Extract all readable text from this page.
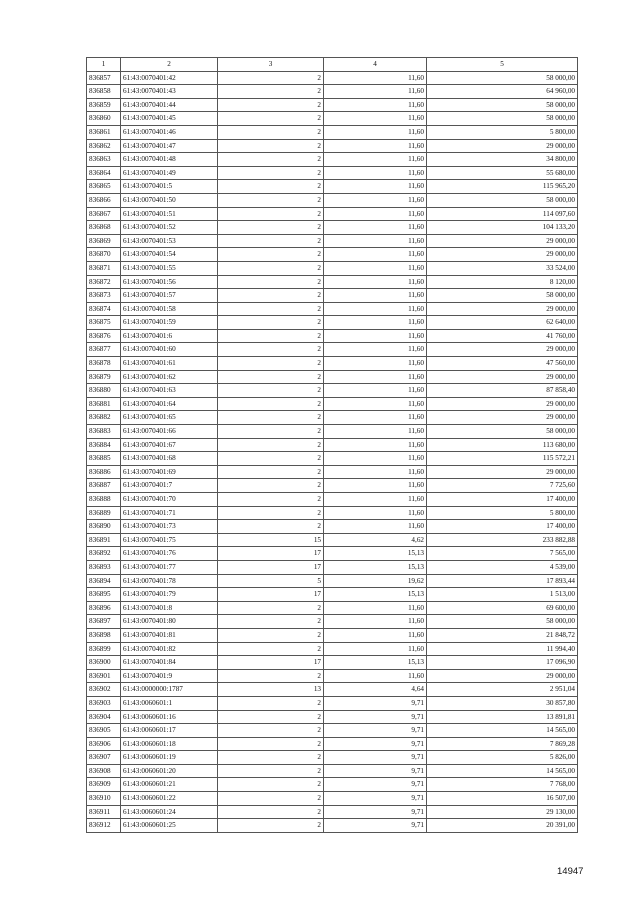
1	2	3	4	5
836857	61:43:0070401:42	2	11,60	58 000,00
836858	61:43:0070401:43	2	11,60	64 960,00
836859	61:43:0070401:44	2	11,60	58 000,00
836860	61:43:0070401:45	2	11,60	58 000,00
836861	61:43:0070401:46	2	11,60	5 800,00
836862	61:43:0070401:47	2	11,60	29 000,00
836863	61:43:0070401:48	2	11,60	34 800,00
836864	61:43:0070401:49	2	11,60	55 680,00
836865	61:43:0070401:5	2	11,60	115 965,20
836866	61:43:0070401:50	2	11,60	58 000,00
836867	61:43:0070401:51	2	11,60	114 097,60
836868	61:43:0070401:52	2	11,60	104 133,20
836869	61:43:0070401:53	2	11,60	29 000,00
836870	61:43:0070401:54	2	11,60	29 000,00
836871	61:43:0070401:55	2	11,60	33 524,00
836872	61:43:0070401:56	2	11,60	8 120,00
836873	61:43:0070401:57	2	11,60	58 000,00
836874	61:43:0070401:58	2	11,60	29 000,00
836875	61:43:0070401:59	2	11,60	62 640,00
836876	61:43:0070401:6	2	11,60	41 760,00
836877	61:43:0070401:60	2	11,60	29 000,00
836878	61:43:0070401:61	2	11,60	47 560,00
836879	61:43:0070401:62	2	11,60	29 000,00
836880	61:43:0070401:63	2	11,60	87 858,40
836881	61:43:0070401:64	2	11,60	29 000,00
836882	61:43:0070401:65	2	11,60	29 000,00
836883	61:43:0070401:66	2	11,60	58 000,00
836884	61:43:0070401:67	2	11,60	113 680,00
836885	61:43:0070401:68	2	11,60	115 572,21
836886	61:43:0070401:69	2	11,60	29 000,00
836887	61:43:0070401:7	2	11,60	7 725,60
836888	61:43:0070401:70	2	11,60	17 400,00
836889	61:43:0070401:71	2	11,60	5 800,00
836890	61:43:0070401:73	2	11,60	17 400,00
836891	61:43:0070401:75	15	4,62	233 882,88
836892	61:43:0070401:76	17	15,13	7 565,00
836893	61:43:0070401:77	17	15,13	4 539,00
836894	61:43:0070401:78	5	19,62	17 893,44
836895	61:43:0070401:79	17	15,13	1 513,00
836896	61:43:0070401:8	2	11,60	69 600,00
836897	61:43:0070401:80	2	11,60	58 000,00
836898	61:43:0070401:81	2	11,60	21 848,72
836899	61:43:0070401:82	2	11,60	11 994,40
836900	61:43:0070401:84	17	15,13	17 096,90
836901	61:43:0070401:9	2	11,60	29 000,00
836902	61:43:0000000:1787	13	4,64	2 951,04
836903	61:43:0060601:1	2	9,71	30 857,80
836904	61:43:0060601:16	2	9,71	13 891,81
836905	61:43:0060601:17	2	9,71	14 565,00
836906	61:43:0060601:18	2	9,71	7 869,28
836907	61:43:0060601:19	2	9,71	5 826,00
836908	61:43:0060601:20	2	9,71	14 565,00
836909	61:43:0060601:21	2	9,71	7 768,00
836910	61:43:0060601:22	2	9,71	16 507,00
836911	61:43:0060601:24	2	9,71	29 130,00
836912	61:43:0060601:25	2	9,71	20 391,00
14947
